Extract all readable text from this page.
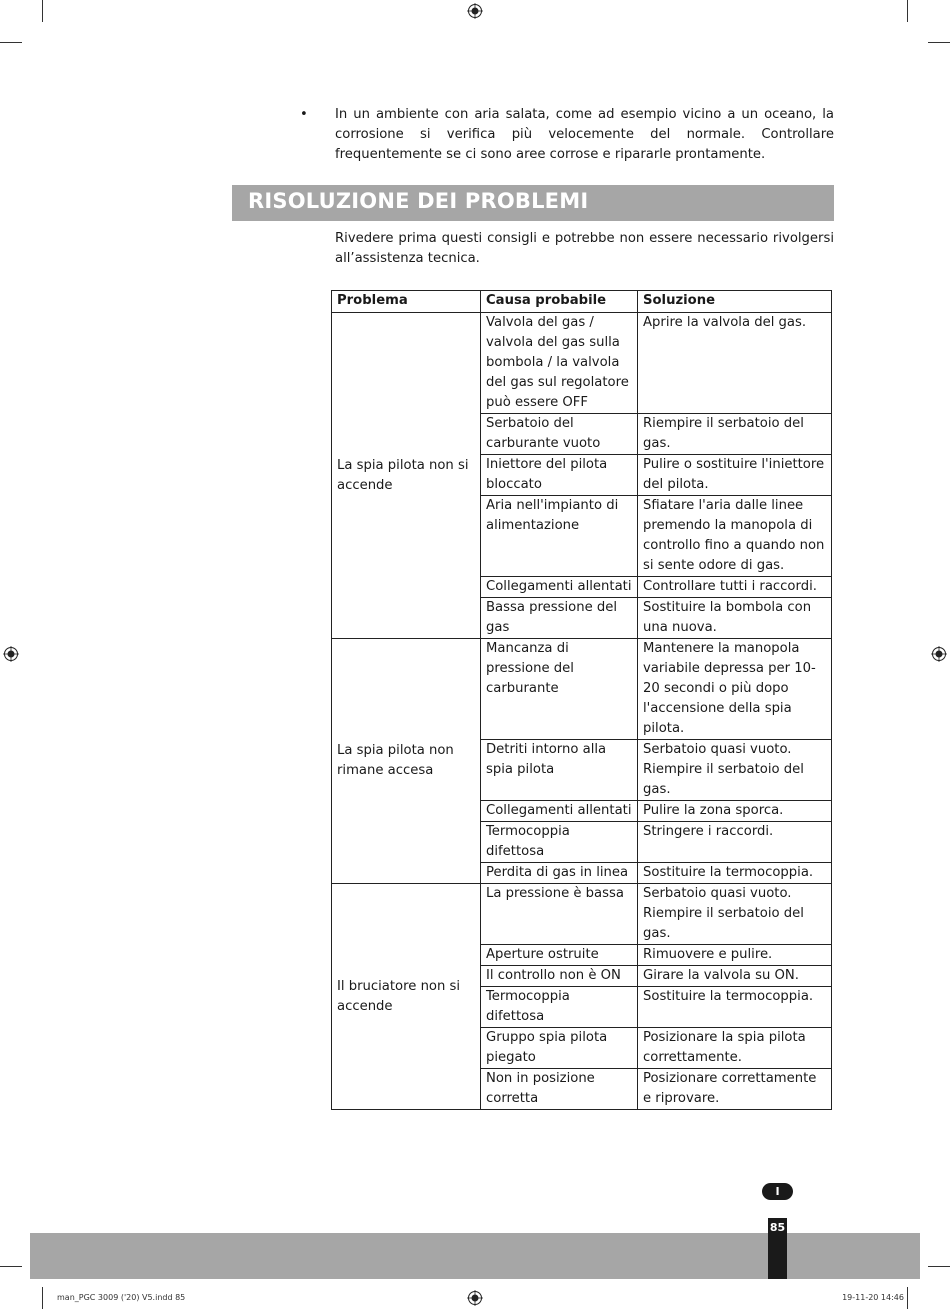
• In un ambiente con aria salata, come ad esempio vicino a un oceano, la corrosione si verifica più velocemente del normale. Controllare frequentemente se ci sono aree corrose e ripararle prontamente.
RISOLUZIONE DEI PROBLEMI
Rivedere prima questi consigli e potrebbe non essere necessario rivolgersi all’assistenza tecnica.
Problema	Causa probabile	Soluzione
La spia pilota non si accende	Valvola del gas / valvola del gas sulla bombola / la valvola del gas sul regolatore può essere OFF	Aprire la valvola del gas.
	Serbatoio del carburante vuoto	Riempire il serbatoio del gas.
	Iniettore del pilota bloccato	Pulire o sostituire l'iniettore del pilota.
	Aria nell'impianto di alimentazione	Sfiatare l'aria dalle linee premendo la manopola di controllo fino a quando non si sente odore di gas.
	Collegamenti allentati	Controllare tutti i raccordi.
	Bassa pressione del gas	Sostituire la bombola con una nuova.
La spia pilota non rimane accesa	Mancanza di pressione del carburante	Mantenere la manopola variabile depressa per 10-20 secondi o più dopo l'accensione della spia pilota.
	Detriti intorno alla spia pilota	Serbatoio quasi vuoto. Riempire il serbatoio del gas.
	Collegamenti allentati	Pulire la zona sporca.
	Termocoppia difettosa	Stringere i raccordi.
	Perdita di gas in linea	Sostituire la termocoppia.
Il bruciatore non si accende	La pressione è bassa	Serbatoio quasi vuoto. Riempire il serbatoio del gas.
	Aperture ostruite	Rimuovere e pulire.
	Il controllo non è ON	Girare la valvola su ON.
	Termocoppia difettosa	Sostituire la termocoppia.
	Gruppo spia pilota piegato	Posizionare la spia pilota correttamente.
	Non in posizione corretta	Posizionare correttamente e riprovare.
I
85
man_PGC 3009 ('20) V5.indd 85	19-11-20 14:46
